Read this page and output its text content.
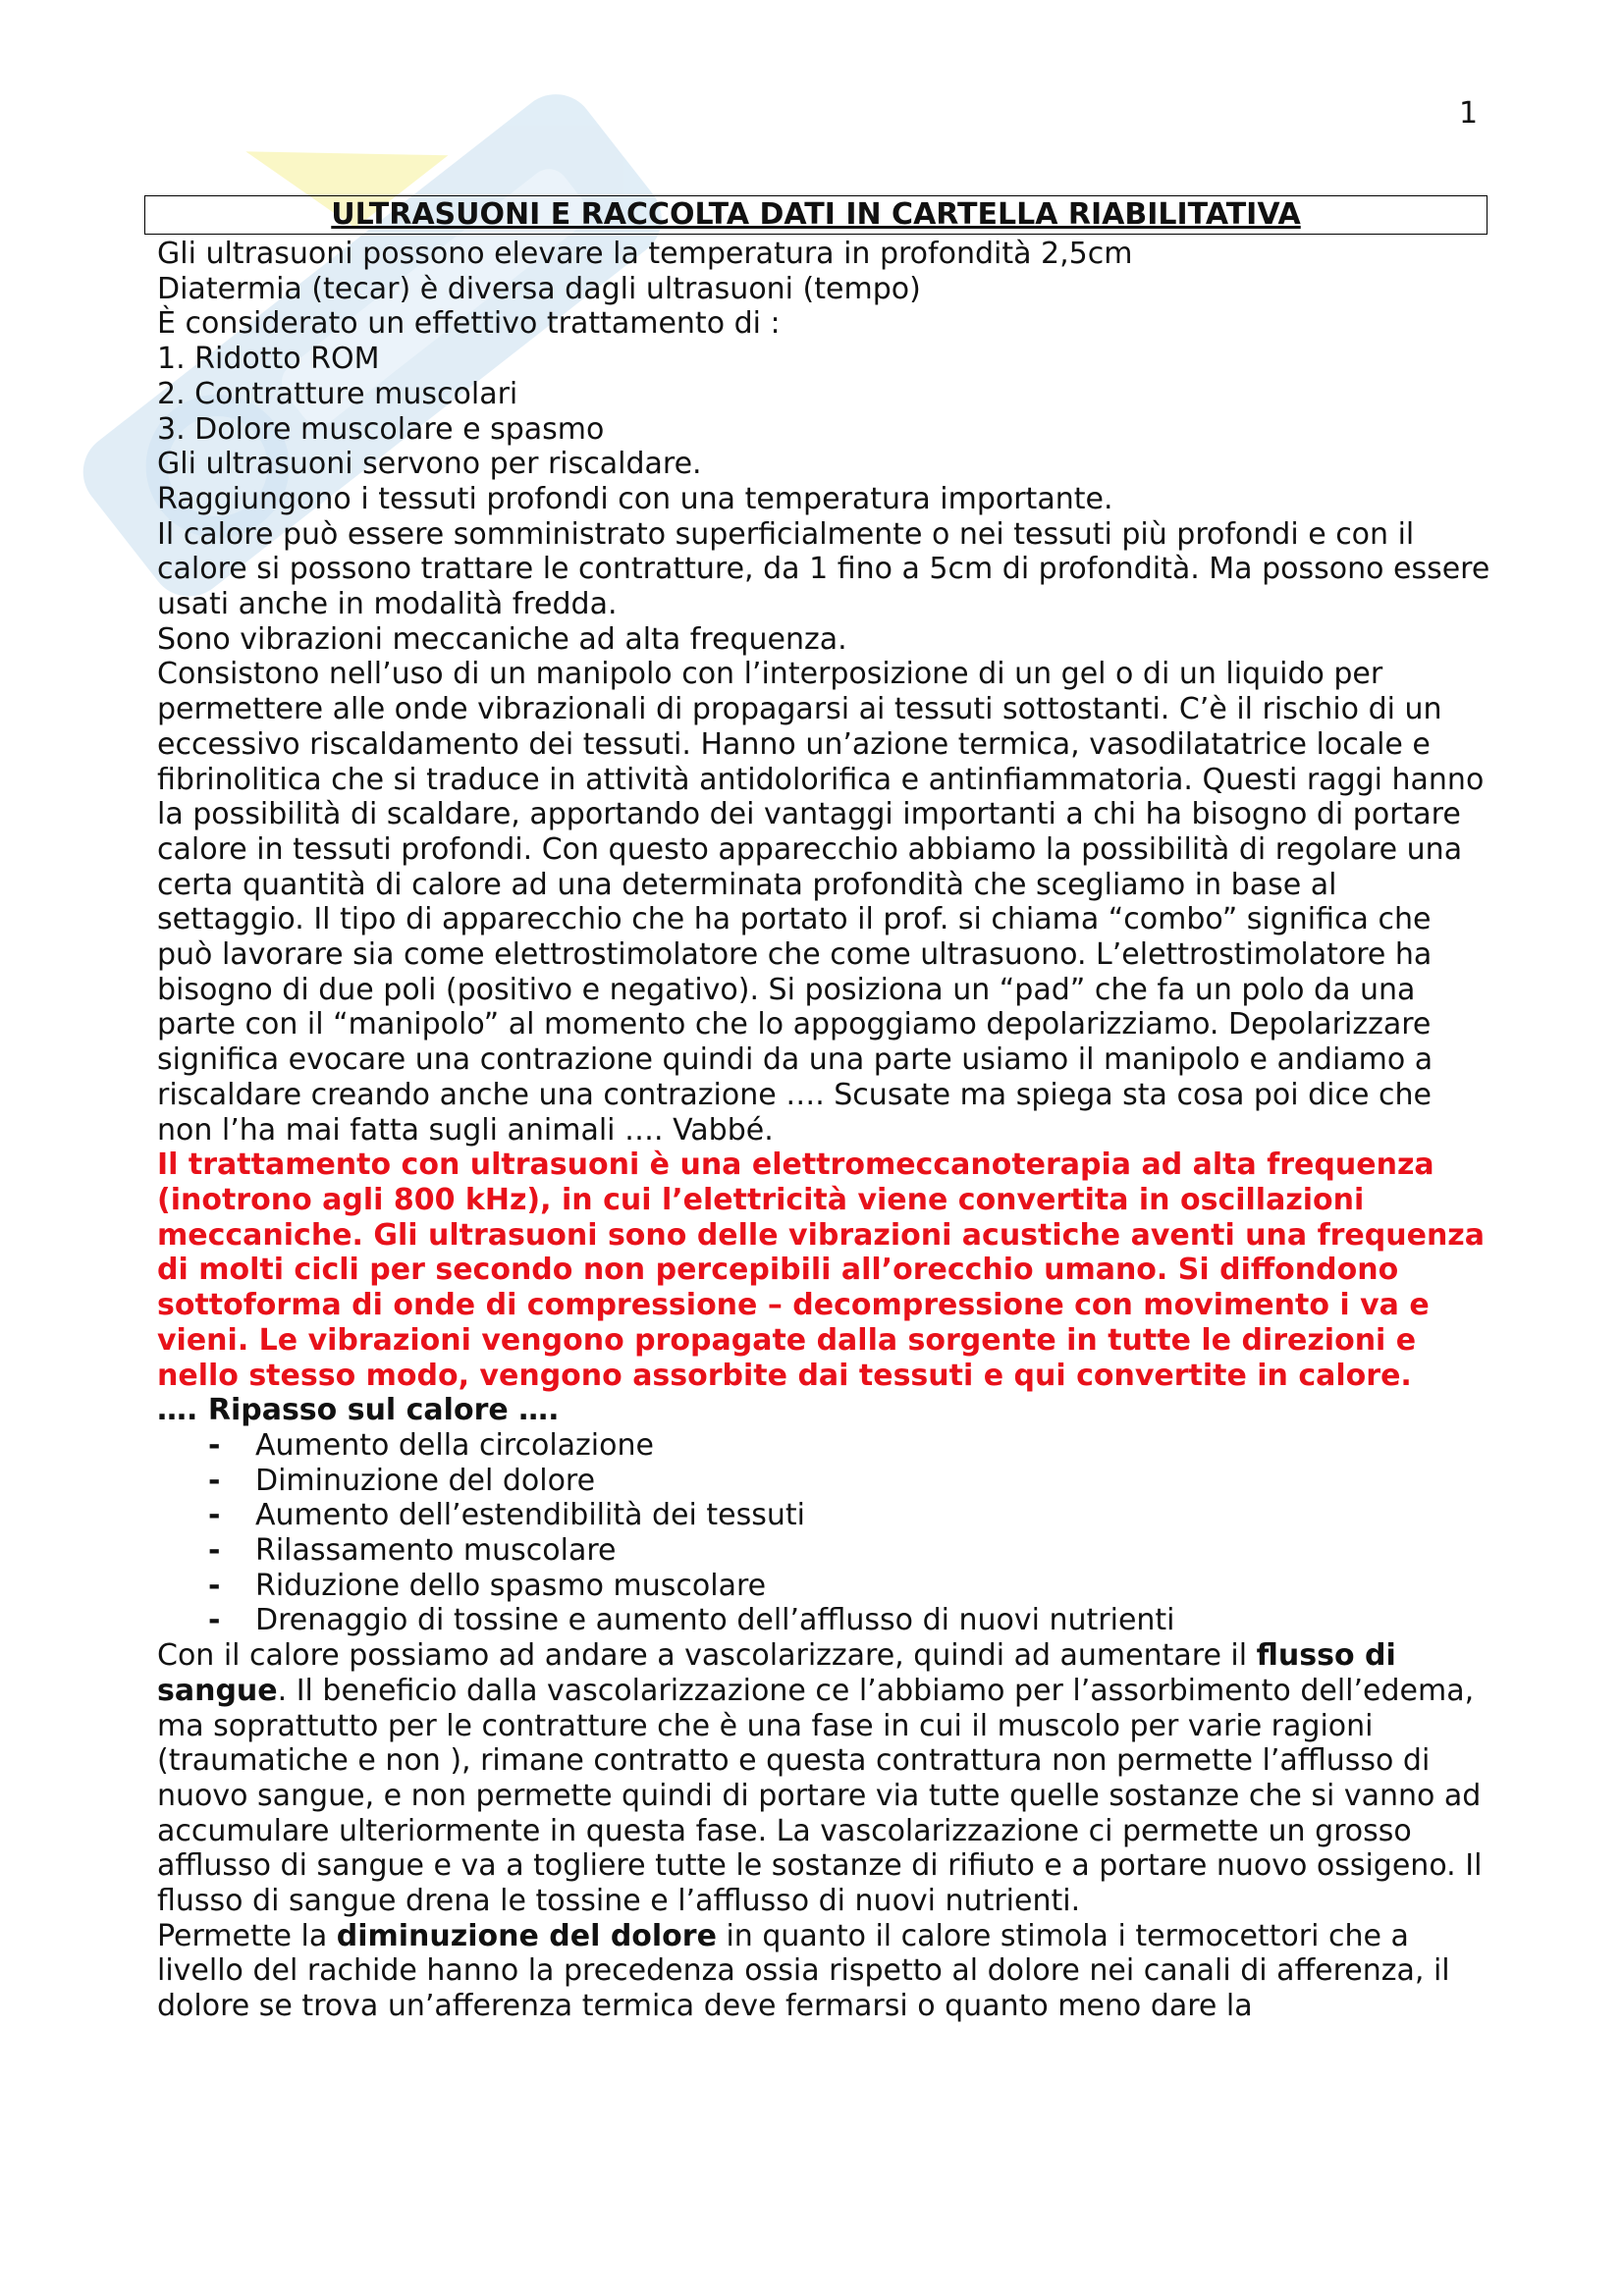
1
ULTRASUONI E RACCOLTA DATI IN CARTELLA RIABILITATIVA

Gli ultrasuoni possono elevare la temperatura in profondità 2,5cm

Diatermia (tecar) è diversa dagli ultrasuoni (tempo)

È considerato un effettivo trattamento di :

1. Ridotto ROM

2. Contratture muscolari

3. Dolore muscolare e spasmo

Gli ultrasuoni servono per riscaldare.

Raggiungono i tessuti profondi con una temperatura importante.

Il calore può essere somministrato superficialmente o nei tessuti più profondi e con il calore si possono trattare le contratture, da 1 fino a 5cm di profondità. Ma possono essere usati anche in modalità fredda.

Sono vibrazioni meccaniche ad alta frequenza.

Consistono nell’uso di un manipolo con l’interposizione di un gel o di un liquido per permettere alle onde vibrazionali di propagarsi ai tessuti sottostanti. C’è il rischio di un eccessivo riscaldamento dei tessuti. Hanno un’azione termica, vasodilatatrice locale e fibrinolitica che si traduce in attività antidolorifica e antinfiammatoria. Questi raggi hanno la possibilità di scaldare, apportando dei vantaggi importanti a chi ha bisogno di portare calore in tessuti profondi. Con questo apparecchio abbiamo la possibilità di regolare una certa quantità di calore ad una determinata profondità che scegliamo in base al settaggio. Il tipo di apparecchio che ha portato il prof. si chiama “combo” significa che può lavorare sia come elettrostimolatore che come ultrasuono. L’elettrostimolatore ha bisogno di due poli (positivo e negativo). Si posiziona un “pad” che fa un polo da una parte con il “manipolo” al momento che lo appoggiamo depolarizziamo. Depolarizzare significa evocare una contrazione quindi da una parte usiamo il manipolo e andiamo a riscaldare creando anche una contrazione …. Scusate ma spiega sta cosa poi dice che non l’ha mai fatta sugli animali …. Vabbé.

Il trattamento con ultrasuoni è una elettromeccanoterapia ad alta frequenza (inotrono agli 800 kHz), in cui l’elettricità viene convertita in oscillazioni meccaniche. Gli ultrasuoni sono delle vibrazioni acustiche aventi una frequenza di molti cicli per secondo non percepibili all’orecchio umano. Si diffondono sottoforma di onde di compressione – decompressione con movimento i va e vieni. Le vibrazioni vengono propagate dalla sorgente in tutte le direzioni e nello stesso modo, vengono assorbite dai tessuti e qui convertite in calore.

…. Ripasso sul calore ….

- Aumento della circolazione
- Diminuzione del dolore
- Aumento dell’estendibilità dei tessuti
- Rilassamento muscolare
- Riduzione dello spasmo muscolare
- Drenaggio di tossine e aumento dell’afflusso di nuovi nutrienti

Con il calore possiamo ad andare a vascolarizzare, quindi ad aumentare il flusso di sangue. Il beneficio dalla vascolarizzazione ce l’abbiamo per l’assorbimento dell’edema, ma soprattutto per le contratture che è una fase in cui il muscolo per varie ragioni (traumatiche e non ), rimane contratto e questa contrattura non permette l’afflusso di nuovo sangue, e non permette quindi di portare via tutte quelle sostanze che si vanno ad accumulare ulteriormente in questa fase. La vascolarizzazione ci permette un grosso afflusso di sangue e va a togliere tutte le sostanze di rifiuto e a portare nuovo ossigeno. Il flusso di sangue drena le tossine e l’afflusso di nuovi nutrienti.

Permette la diminuzione del dolore in quanto il calore stimola i termocettori che a livello del rachide hanno la precedenza ossia rispetto al dolore nei canali di afferenza, il dolore se trova un’afferenza termica deve fermarsi o quanto meno dare la
